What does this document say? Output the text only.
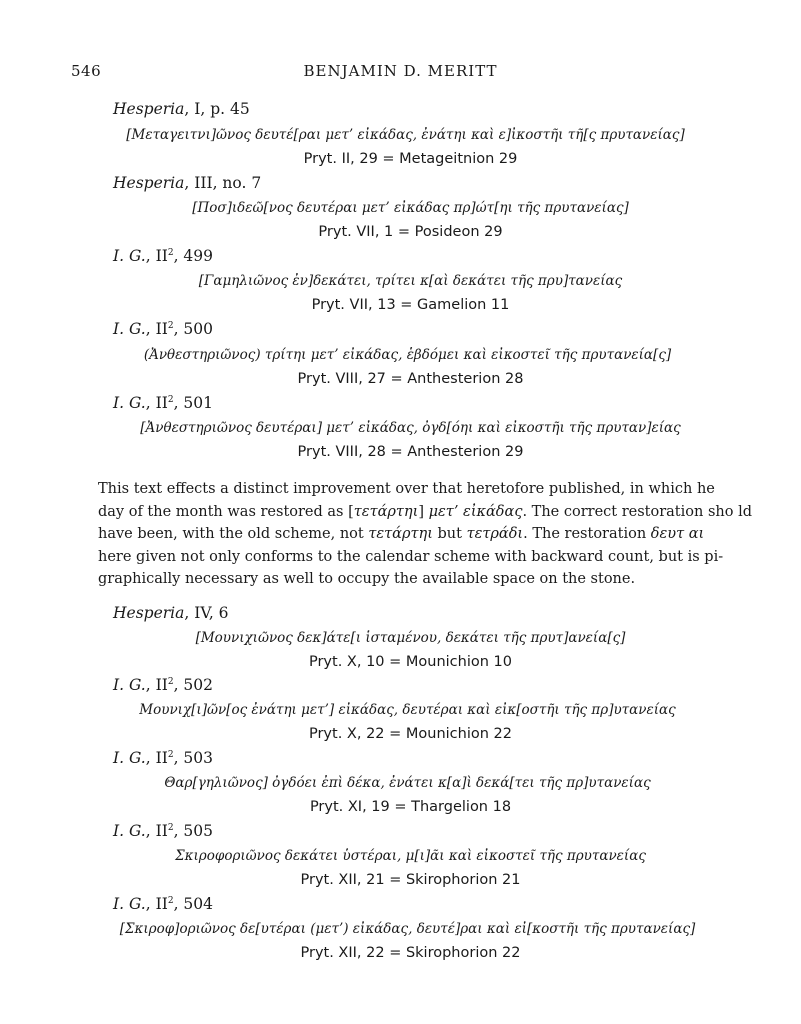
546	BENJAMIN D. MERITT
Hesperia, I, p. 45
[Μεταγειτνι]ῶνος δευτέ[ραι μετ’ εἰκάδας, ἐνάτηι καὶ ε]ἰκοστῆι τῆ[ς πρυτανείας]
Pryt. II, 29 = Metageitnion 29
Hesperia, III, no. 7
[Ποσ]ιδεῶ[νος δευτέραι μετ’ εἰκάδας πρ]ώτ[ηι τῆς πρυτανείας]
Pryt. VII, 1 = Posideon 29
I. G., $II^2$, 499
[Γαμηλιῶνος ἐν]δεκάτει, τρίτει κ[αὶ δεκάτει τῆς πρυ]τανείας
Pryt. VII, 13 = Gamelion 11
I. G., $II^2$, 500
(Ἀνθεστηριῶνος) τρίτηι μετ’ εἰκάδας, ἑβδόμει καὶ εἰκοστεῖ τῆς πρυτανεία[ς]
Pryt. VIII, 27 = Anthesterion 28
I. G., $II^2$, 501
[Ἀνθεστηριῶνος δευτέραι] μετ’ εἰκάδας, ὀγδ[όηι καὶ εἰκοστῆι τῆς πρυταν]είας
Pryt. VIII, 28 = Anthesterion 29
This text effects a distinct improvement over that heretofore published, in which he
day of the month was restored as [τετάρτηι] μετ’ εἰκάδας. The correct restoration sho ld
have been, with the old scheme, not τετάρτηι but τετράδι. The restoration δευτ αι
here given not only conforms to the calendar scheme with backward count, but is pi-
graphically necessary as well to occupy the available space on the stone.
Hesperia, IV, 6
[Μουνιχιῶνος δεκ]άτε[ι ἱσταμένου, δεκάτει τῆς πρυτ]ανεία[ς]
Pryt. X, 10 = Mounichion 10
I. G., $II^2$, 502
Μουνιχ[ι]ῶν[ος ἐνάτηι μετ’] εἰκάδας, δευτέραι καὶ εἰκ[οστῆι τῆς πρ]υτανείας
Pryt. X, 22 = Mounichion 22
I. G., $II^2$, 503
Θαρ[γηλιῶνος] ὀγδόει ἐπὶ δέκα, ἐνάτει κ[α]ὶ δεκά[τει τῆς πρ]υτανείας
Pryt. XI, 19 = Thargelion 18
I. G., $II^2$, 505
Σκιροφοριῶνος δεκάτει ὑστέραι, μ[ι]ᾶι καὶ εἰκοστεῖ τῆς πρυτανείας
Pryt. XII, 21 = Skirophorion 21
I. G., $II^2$, 504
[Σκιροφ]οριῶνος δε[υτέραι (μετ’) εἰκάδας, δευτέ]ραι καὶ εἰ[κοστῆι τῆς πρυτανείας]
Pryt. XII, 22 = Skirophorion 22
